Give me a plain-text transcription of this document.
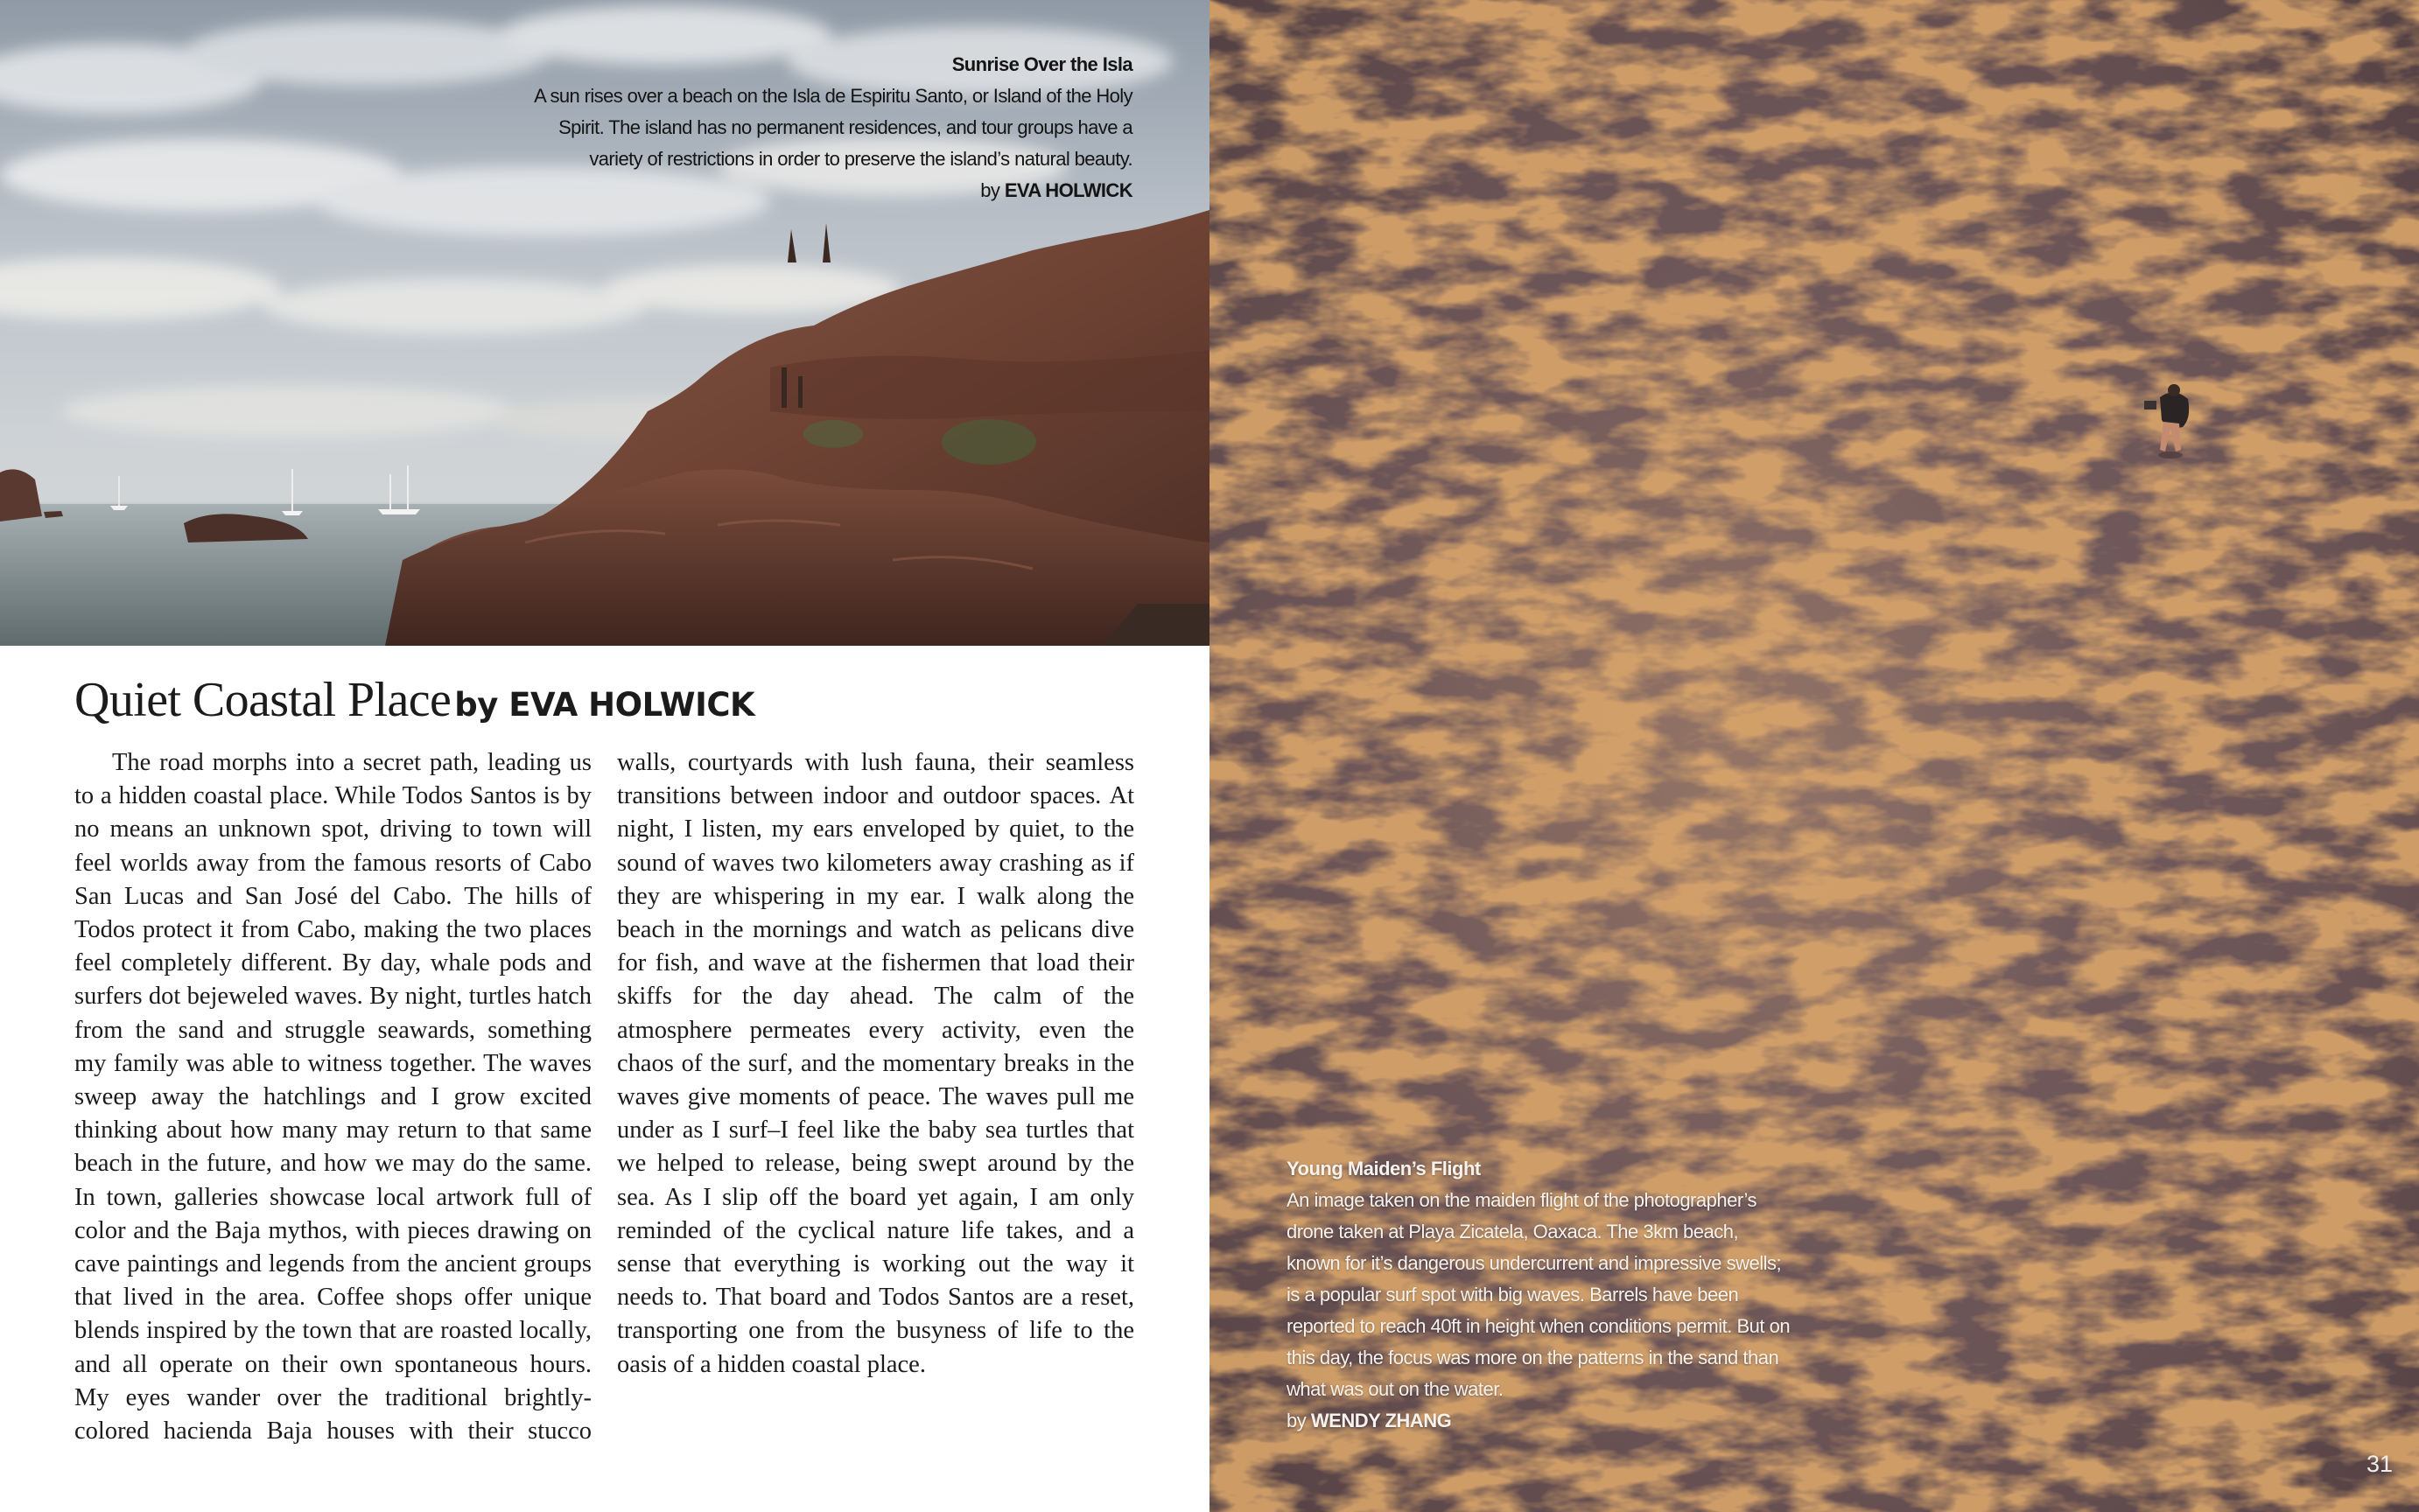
Sunrise Over the Isla
A sun rises over a beach on the Isla de Espiritu Santo, or Island of the Holy Spirit. The island has no permanent residences, and tour groups have a variety of restrictions in order to preserve the island’s natural beauty.
by EVA HOLWICK
Quiet Coastal Place by EVA HOLWICK

The road morphs into a secret path, leading us to a hidden coastal place. While Todos Santos is by no means an unknown spot, driving to town will feel worlds away from the famous resorts of Cabo San Lucas and San José del Cabo. The hills of Todos protect it from Cabo, making the two places feel completely different. By day, whale pods and surfers dot bejeweled waves. By night, turtles hatch from the sand and struggle seawards, something my family was able to witness together. The waves sweep away the hatchlings and I grow excited thinking about how many may return to that same beach in the future, and how we may do the same. In town, galleries showcase local artwork full of color and the Baja mythos, with pieces drawing on cave paintings and legends from the ancient groups that lived in the area. Coffee shops offer unique blends inspired by the town that are roasted locally, and all operate on their own spontaneous hours. My eyes wander over the traditional brightly-colored hacienda Baja houses with their stucco walls, courtyards with lush fauna, their seamless transitions between indoor and outdoor spaces. At night, I listen, my ears enveloped by quiet, to the sound of waves two kilometers away crashing as if they are whispering in my ear. I walk along the beach in the mornings and watch as pelicans dive for fish, and wave at the fishermen that load their skiffs for the day ahead. The calm of the atmosphere permeates every activity, even the chaos of the surf, and the momentary breaks in the waves give moments of peace. The waves pull me under as I surf–I feel like the baby sea turtles that we helped to release, being swept around by the sea. As I slip off the board yet again, I am only reminded of the cyclical nature life takes, and a sense that everything is working out the way it needs to. That board and Todos Santos are a reset, transporting one from the busyness of life to the oasis of a hidden coastal place.

Young Maiden’s Flight
An image taken on the maiden flight of the photographer’s drone taken at Playa Zicatela, Oaxaca. The 3km beach, known for it’s dangerous undercurrent and impressive swells; is a popular surf spot with big waves. Barrels have been reported to reach 40ft in height when conditions permit. But on this day, the focus was more on the patterns in the sand than what was out on the water.
by WENDY ZHANG
31
